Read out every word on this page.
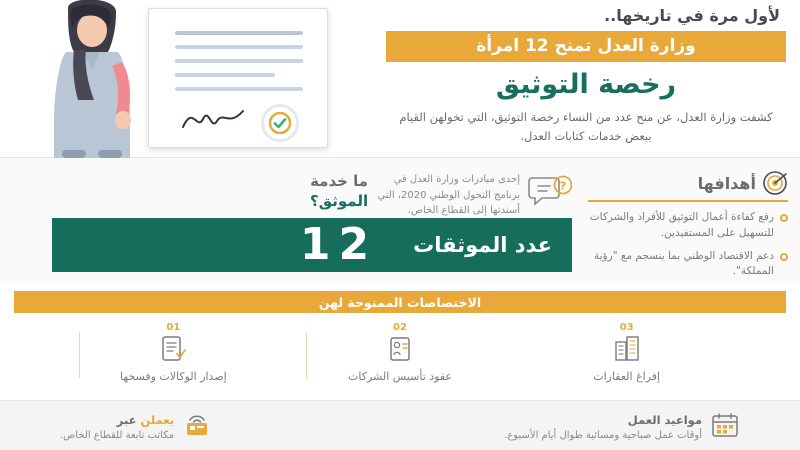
لأول مرة في تاريخها..
وزارة العدل تمنح 12 امرأة
رخصة التوثيق
كشفت وزارة العدل، عن منح عدد من النساء رخصة التوثيق، التي تخولهن القيام ببعض خدمات كتابات العدل.
أهدافها
رفع كفاءة أعمال التوثيق للأفراد والشركات للتسهيل على المستفيدين.
دعم الاقتصاد الوطني بما ينسجم مع "رؤية المملكة".
?
إحدى مبادرات وزارة العدل في برنامج التحول الوطني 2020، التي أسندتها إلى القطاع الخاص.
ما خدمة
الموثق؟
عدد الموثقات
12
الاختصاصات الممنوحة لهن
01
إصدار الوكالات وفسخها
02
عقود تأسيس الشركات
03
إفراغ العقارات
مواعيد العمل
أوقات عمل صباحية ومسائية طوال أيام الأسبوع.
يعملن عبر
مكاتب تابعة للقطاع الخاص.
